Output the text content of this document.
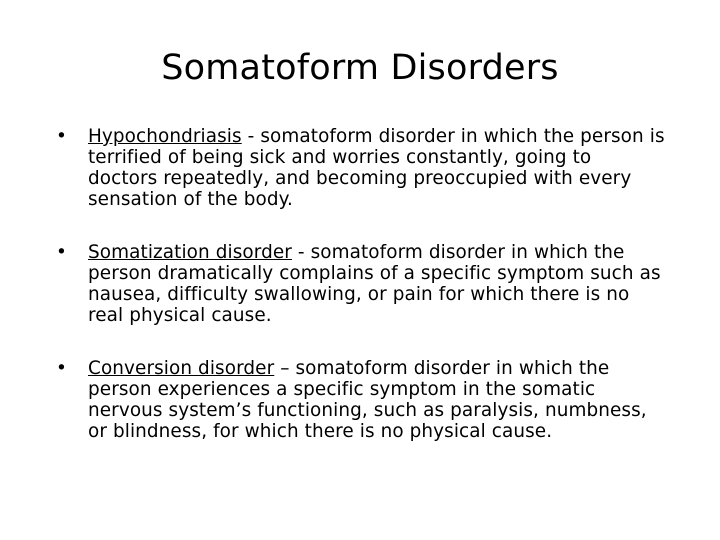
Somatoform Disorders
•	Hypochondriasis - somatoform disorder in which the person is terrified of being sick and worries constantly, going to doctors repeatedly, and becoming preoccupied with every sensation of the body.
•	Somatization disorder - somatoform disorder in which the person dramatically complains of a specific symptom such as nausea, difficulty swallowing, or pain for which there is no real physical cause.
•	Conversion disorder – somatoform disorder in which the person experiences a specific symptom in the somatic nervous system’s functioning, such as paralysis, numbness, or blindness, for which there is no physical cause.
